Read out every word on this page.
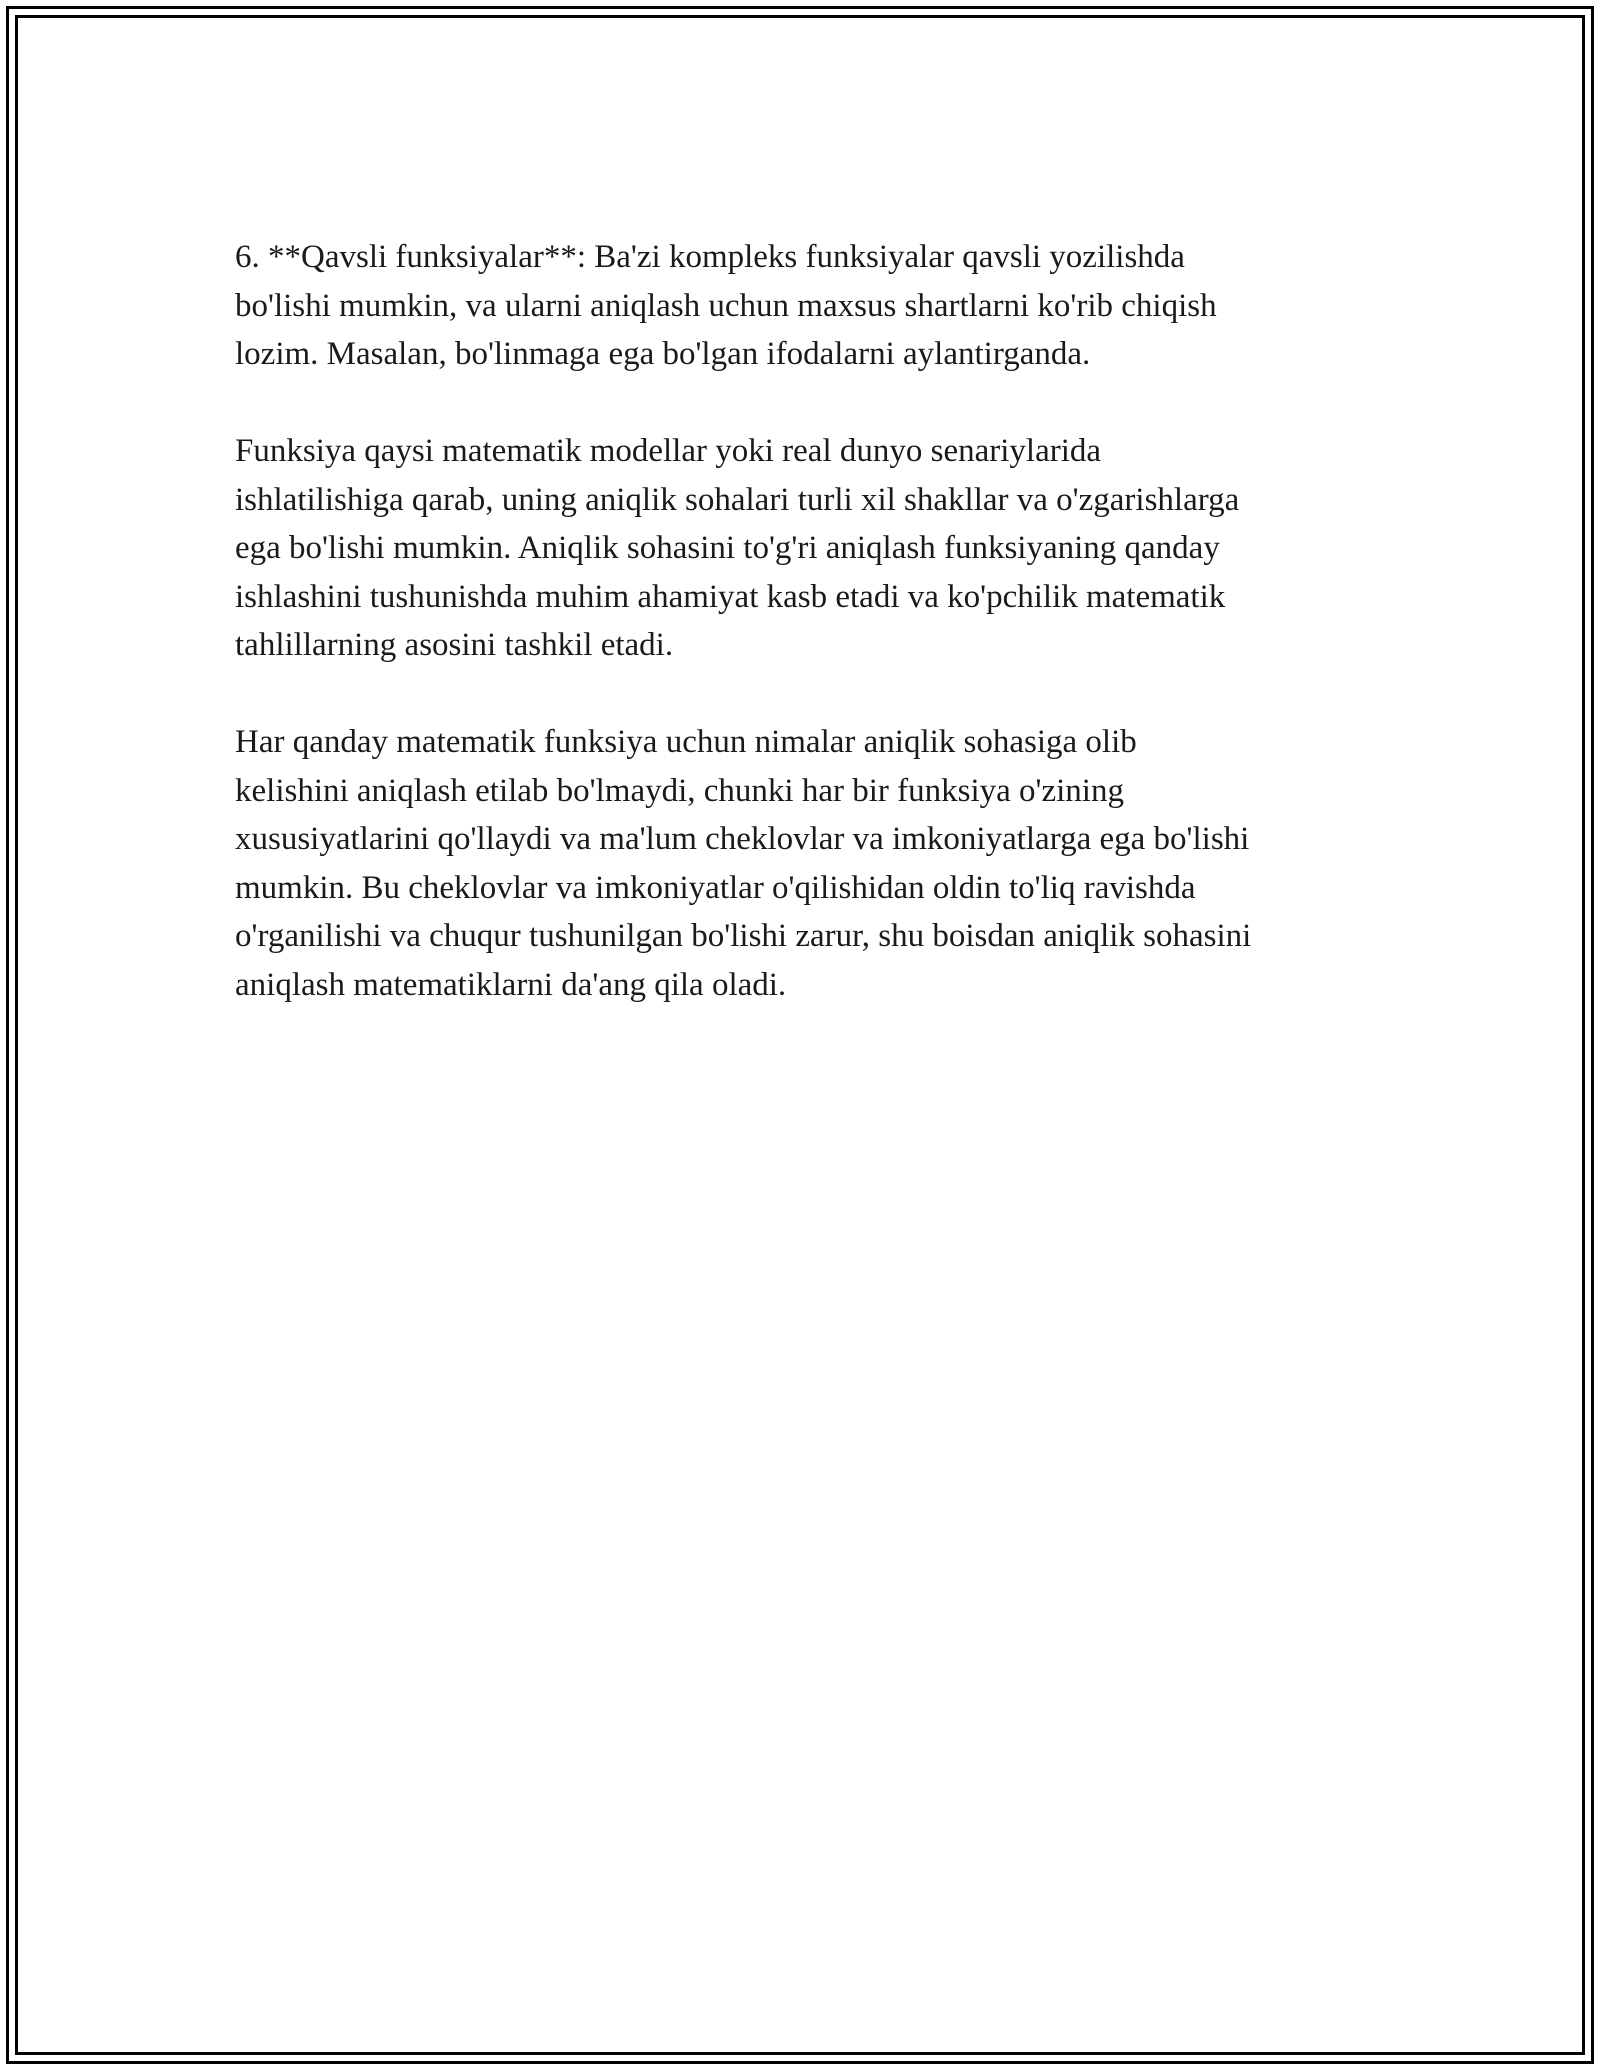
6. **Qavsli funksiyalar**: Ba'zi kompleks funksiyalar qavsli yozilishda
bo'lishi mumkin, va ularni aniqlash uchun maxsus shartlarni ko'rib chiqish
lozim. Masalan, bo'linmaga ega bo'lgan ifodalarni aylantirganda.

Funksiya qaysi matematik modellar yoki real dunyo senariylarida
ishlatilishiga qarab, uning aniqlik sohalari turli xil shakllar va o'zgarishlarga
ega bo'lishi mumkin. Aniqlik sohasini to'g'ri aniqlash funksiyaning qanday
ishlashini tushunishda muhim ahamiyat kasb etadi va ko'pchilik matematik
tahlillarning asosini tashkil etadi.

Har qanday matematik funksiya uchun nimalar aniqlik sohasiga olib
kelishini aniqlash etilab bo'lmaydi, chunki har bir funksiya o'zining
xususiyatlarini qo'llaydi va ma'lum cheklovlar va imkoniyatlarga ega bo'lishi
mumkin. Bu cheklovlar va imkoniyatlar o'qilishidan oldin to'liq ravishda
o'rganilishi va chuqur tushunilgan bo'lishi zarur, shu boisdan aniqlik sohasini
aniqlash matematiklarni da'ang qila oladi.
